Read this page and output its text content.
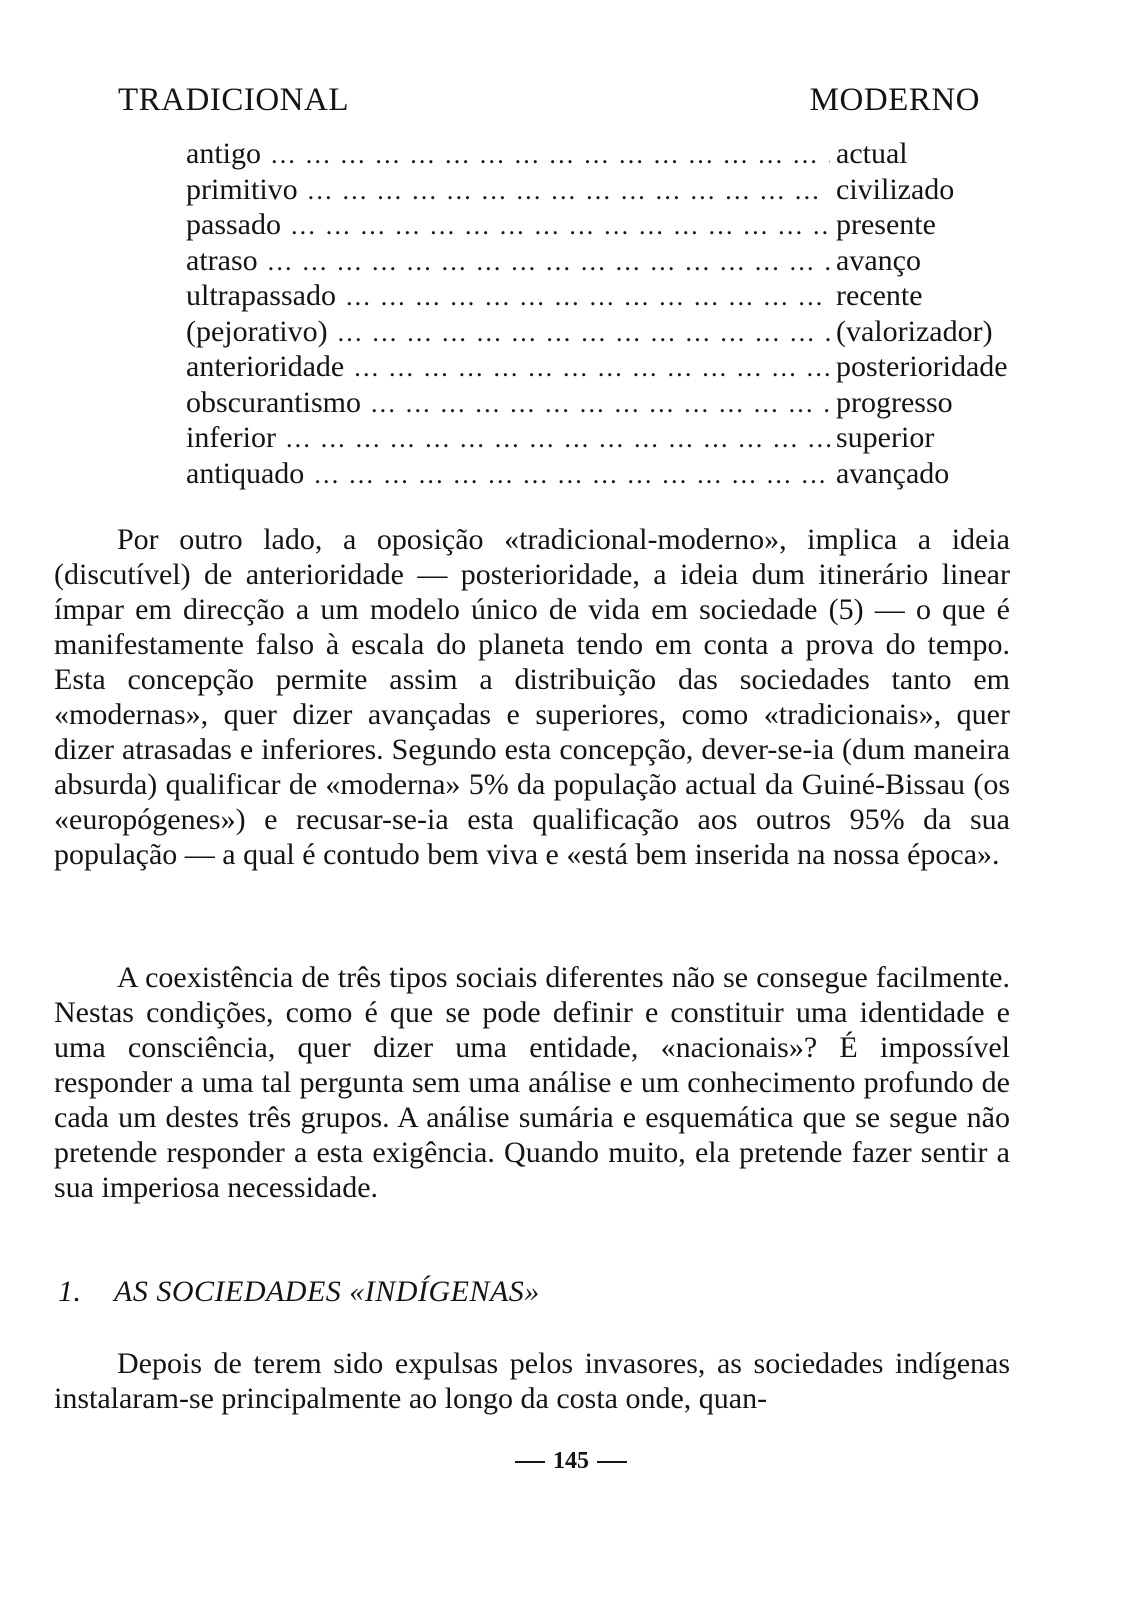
TRADICIONAL	MODERNO
antigo ... .	actual
primitivo ... .	civilizado
passado ... .	presente
atraso ... .	avanço
ultrapassado ... .	recente
(pejorativo) ... .	(valorizador)
anterioridade ... .	posterioridade
obscurantismo ... .	progresso
inferior ... .	superior
antiquado ... .	avançado

Por outro lado, a oposição «tradicional-moderno», implica a ideia (discutível) de anterioridade — posterioridade, a ideia dum itinerário linear ímpar em direcção a um modelo único de vida em sociedade (5) — o que é manifestamente falso à escala do planeta tendo em conta a prova do tempo. Esta concepção permite assim a distribuição das sociedades tanto em «modernas», quer dizer avançadas e superiores, como «tradicionais», quer dizer atrasadas e inferiores. Segundo esta concepção, dever-se-ia (dum maneira absurda) qualificar de «moderna» 5% da população actual da Guiné-Bissau (os «europógenes») e recusar-se-ia esta qualificação aos outros 95% da sua população — a qual é contudo bem viva e «está bem inserida na nossa época».

A coexistência de três tipos sociais diferentes não se consegue facilmente. Nestas condições, como é que se pode definir e constituir uma identidade e uma consciência, quer dizer uma entidade, «nacionais»? É impossível responder a uma tal pergunta sem uma análise e um conhecimento profundo de cada um destes três grupos. A análise sumária e esquemática que se segue não pretende responder a esta exigência. Quando muito, ela pretende fazer sentir a sua imperiosa necessidade.

1. AS SOCIEDADES «INDÍGENAS»

Depois de terem sido expulsas pelos invasores, as sociedades indígenas instalaram-se principalmente ao longo da costa onde, quan-

145
